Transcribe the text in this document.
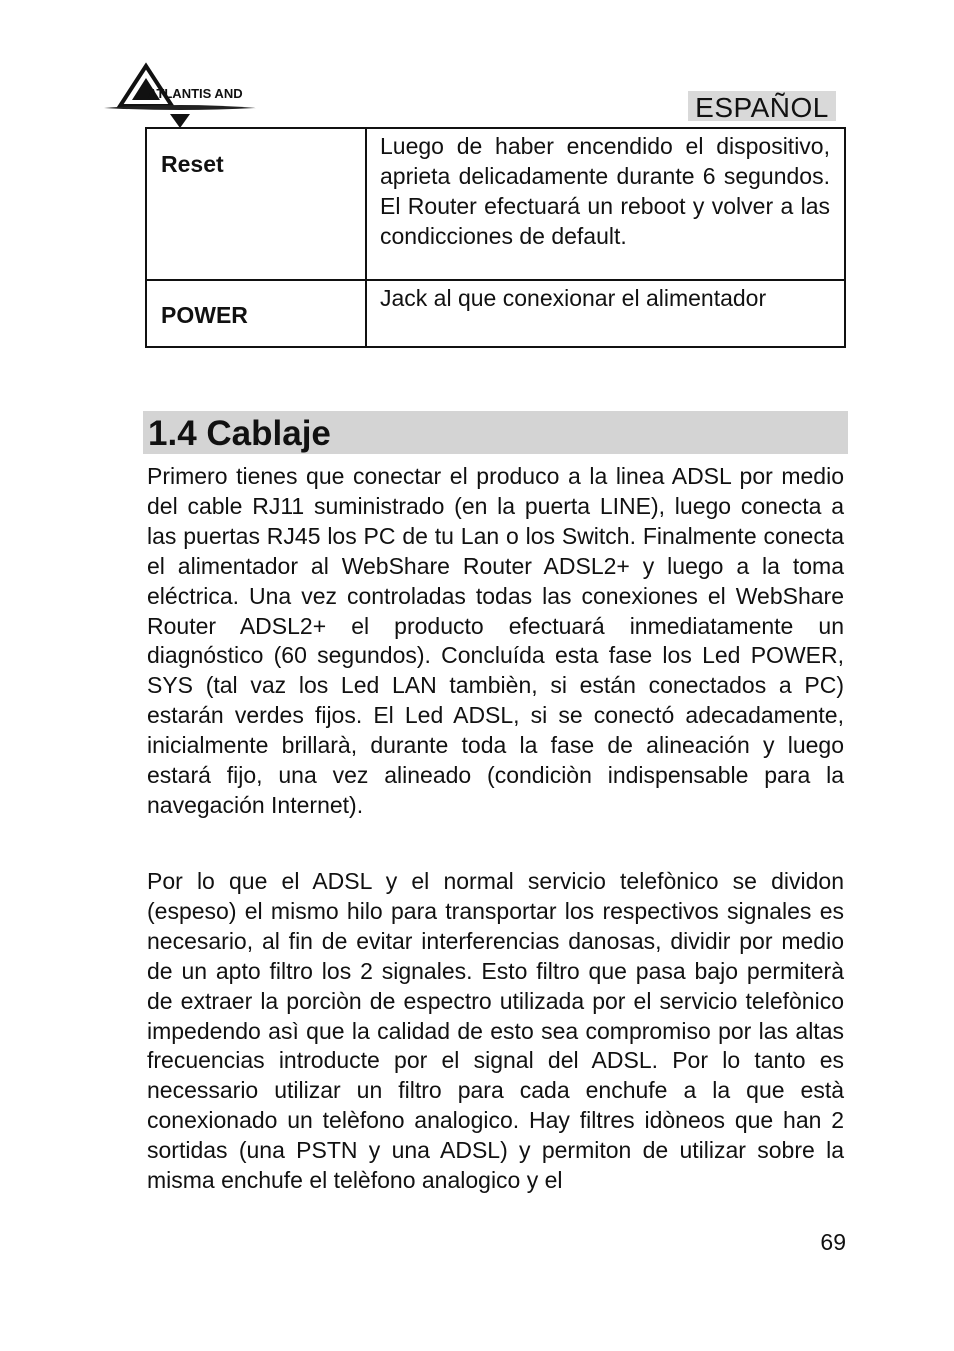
ATLANTIS AND	ESPAÑOL
Reset	Luego de haber encendido el dispositivo, aprieta delicadamente durante 6 segundos. El Router efectuará un reboot y volver a las condicciones de default.

POWER	Jack al que conexionar el alimentador
1.4 Cablaje

Primero tienes que conectar el produco a la linea ADSL por medio del cable RJ11 suministrado (en la puerta LINE), luego conecta a las puertas RJ45 los PC de tu Lan o los Switch. Finalmente conecta el alimentador al WebShare Router ADSL2+ y luego a la toma eléctrica. Una vez controladas todas las conexiones el WebShare Router ADSL2+ el producto efectuará inmediatamente un diagnóstico (60 segundos). Concluída esta fase los Led POWER, SYS (tal vaz los Led LAN tambièn, si están conectados a PC) estarán verdes fijos. El Led ADSL, si se conectó adecadamente, inicialmente brillarà, durante toda la fase de alineación y luego estará fijo, una vez alineado (condiciòn indispensable para la navegación Internet).

Por lo que el ADSL y el normal servicio telefònico se dividon (espeso) el mismo hilo para transportar los respectivos signales es necesario, al fin de evitar interferencias danosas, dividir por medio de un apto filtro los 2 signales. Esto filtro que pasa bajo permiterà de extraer la porciòn de espectro utilizada por el servicio telefònico impedendo asì que la calidad de esto sea compromiso por las altas frecuencias introducte por el signal del ADSL. Por lo tanto es necessario utilizar un filtro para cada enchufe a la que està conexionado un telèfono analogico. Hay filtres idòneos que han 2 sortidas (una PSTN y una ADSL) y permiton de utilizar sobre la misma enchufe el telèfono analogico y el

69
